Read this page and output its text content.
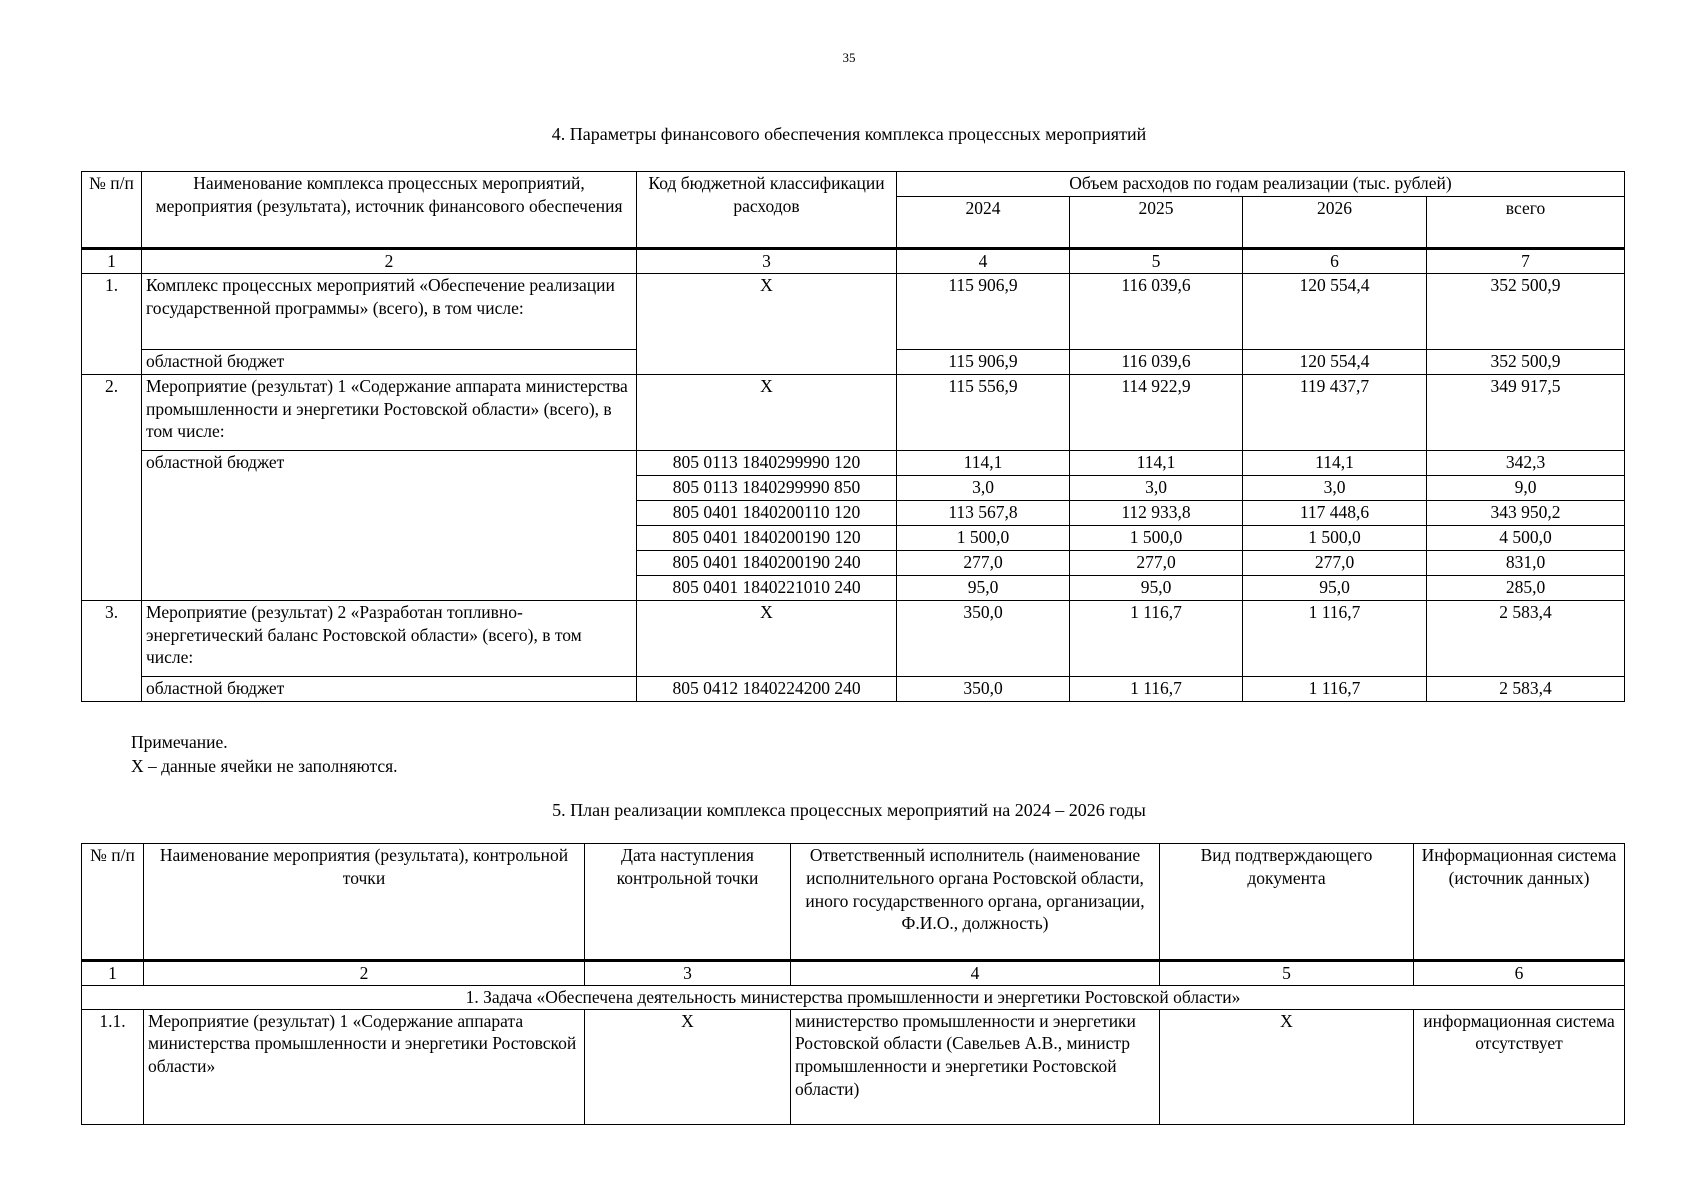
35
4. Параметры финансового обеспечения комплекса процессных мероприятий
№ п/п	Наименование комплекса процессных мероприятий, мероприятия (результата), источник финансового обеспечения	Код бюджетной классификации расходов	Объем расходов по годам реализации (тыс. рублей)			
			2024	2025	2026	всего
1	2	3	4	5	6	7
1.	Комплекс процессных мероприятий «Обеспечение реализации государственной программы» (всего), в том числе:	X	115 906,9	116 039,6	120 554,4	352 500,9
	областной бюджет		115 906,9	116 039,6	120 554,4	352 500,9
2.	Мероприятие (результат) 1 «Содержание аппарата министерства промышленности и энергетики Ростовской области» (всего), в том числе:	X	115 556,9	114 922,9	119 437,7	349 917,5
	областной бюджет	805 0113 1840299990 120	114,1	114,1	114,1	342,3
		805 0113 1840299990 850	3,0	3,0	3,0	9,0
		805 0401 1840200110 120	113 567,8	112 933,8	117 448,6	343 950,2
		805 0401 1840200190 120	1 500,0	1 500,0	1 500,0	4 500,0
		805 0401 1840200190 240	277,0	277,0	277,0	831,0
		805 0401 1840221010 240	95,0	95,0	95,0	285,0
3.	Мероприятие (результат) 2 «Разработан топливно-энергетический баланс Ростовской области» (всего), в том числе:	X	350,0	1 116,7	1 116,7	2 583,4
	областной бюджет	805 0412 1840224200 240	350,0	1 116,7	1 116,7	2 583,4
Примечание.
X – данные ячейки не заполняются.
5. План реализации комплекса процессных мероприятий на 2024 – 2026 годы
№ п/п	Наименование мероприятия (результата), контрольной точки	Дата наступления контрольной точки	Ответственный исполнитель (наименование исполнительного органа Ростовской области, иного государственного органа, организации, Ф.И.О., должность)	Вид подтверждающего документа	Информационная система (источник данных)
1	2	3	4	5	6
1. Задача «Обеспечена деятельность министерства промышленности и энергетики Ростовской области»					
1.1.	Мероприятие (результат) 1 «Содержание аппарата министерства промышленности и энергетики Ростовской области»	X	министерство промышленности и энергетики Ростовской области (Савельев А.В., министр промышленности и энергетики Ростовской области)	X	информационная система отсутствует
